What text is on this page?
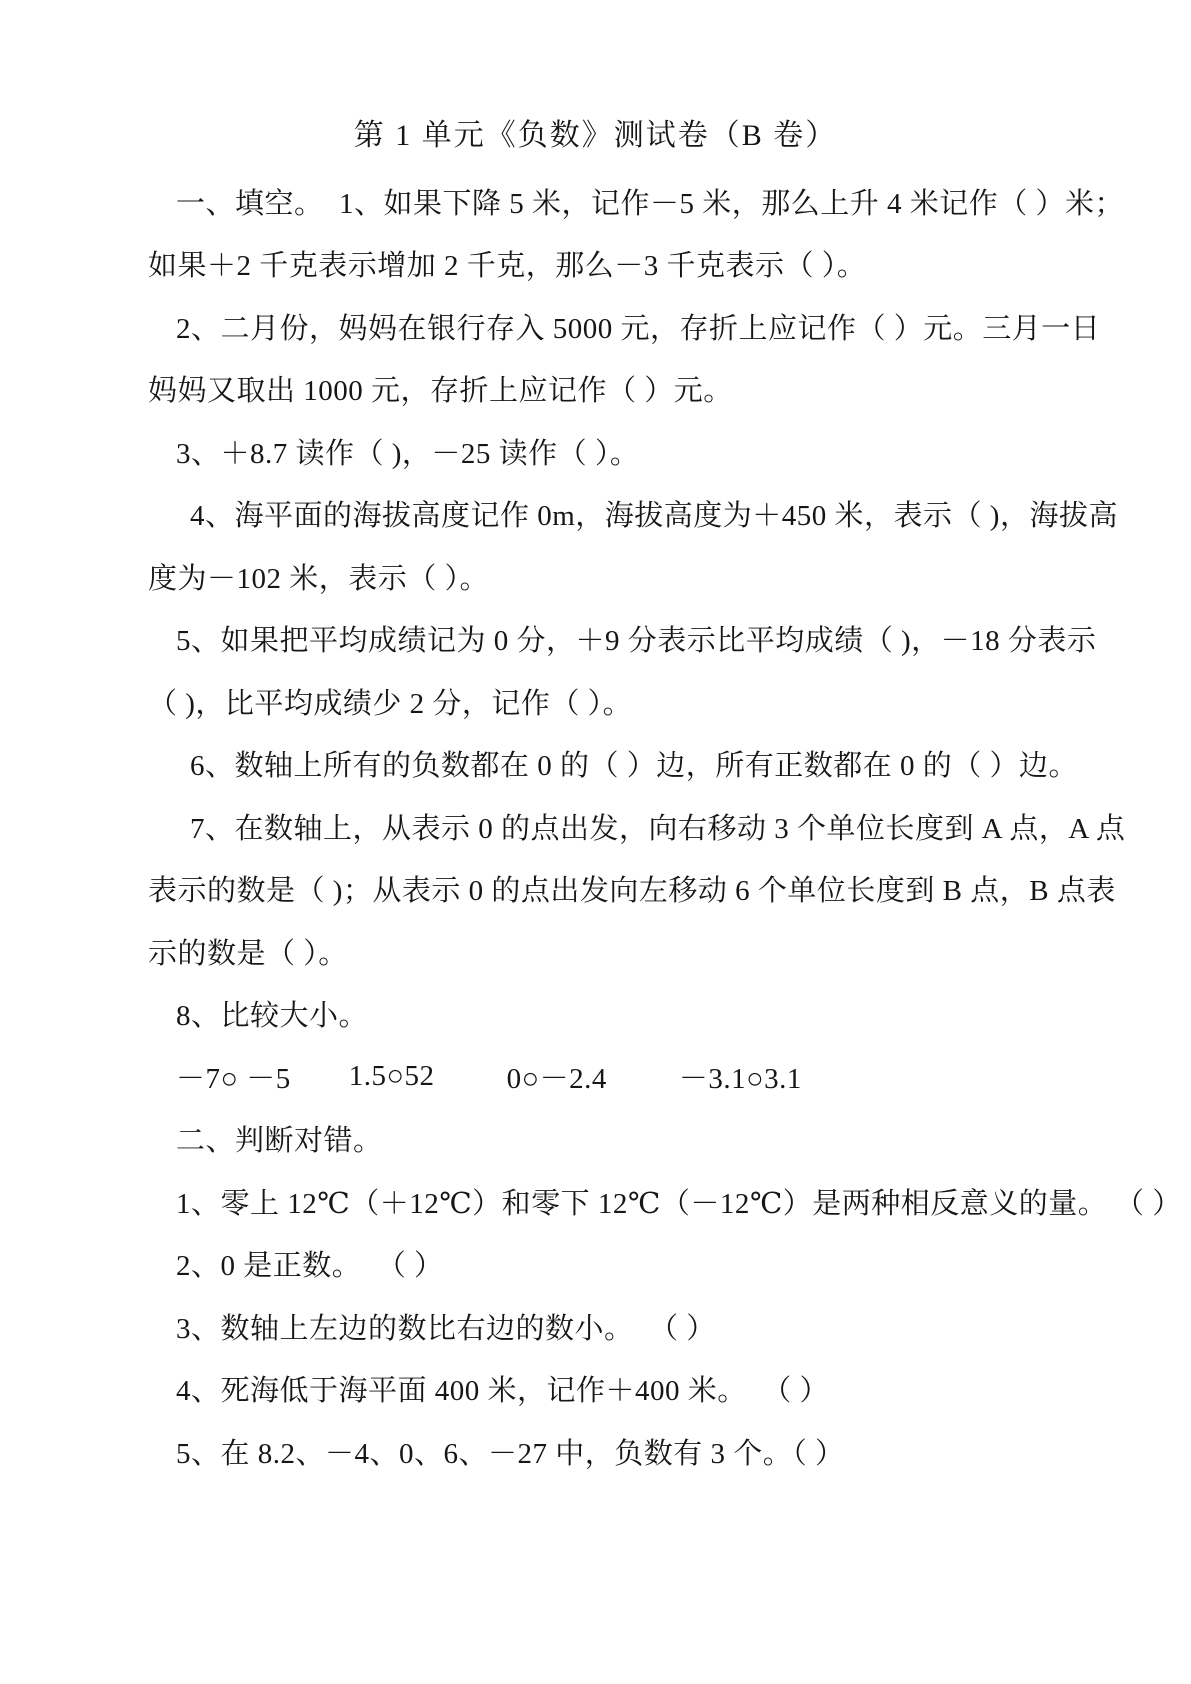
第 1 单元《负数》测试卷（B 卷）
一、填空。  1、如果下降 5 米，记作－5 米，那么上升 4 米记作（ ）米；
如果＋2 千克表示增加 2 千克，那么－3 千克表示（ ）。
2、二月份，妈妈在银行存入 5000 元，存折上应记作（ ）元。三月一日
妈妈又取出 1000 元，存折上应记作（ ）元。
3、＋8.7 读作（ )，－25 读作（ ）。
4、海平面的海拔高度记作 0m，海拔高度为＋450 米，表示（ )，海拔高
度为－102 米，表示（ ）。
5、如果把平均成绩记为 0 分，＋9 分表示比平均成绩（ )，－18 分表示
（ )，比平均成绩少 2 分，记作（ ）。
6、数轴上所有的负数都在 0 的（ ）边，所有正数都在 0 的（ ）边。
7、在数轴上，从表示 0 的点出发，向右移动 3 个单位长度到 A 点，A 点
表示的数是（ )；从表示 0 的点出发向左移动 6 个单位长度到 B 点，B 点表
示的数是（ ）。
8、比较大小。
－7○ －5 1.5○52 0○－2.4 －3.1○3.1
二、判断对错。
1、零上 12℃（＋12℃）和零下 12℃（－12℃）是两种相反意义的量。 （ ）
2、0 是正数。  （ ）
3、数轴上左边的数比右边的数小。  （ ）
4、死海低于海平面 400 米，记作＋400 米。  （ ）
5、在 8.2、－4、0、6、－27 中，负数有 3 个。（ ）
